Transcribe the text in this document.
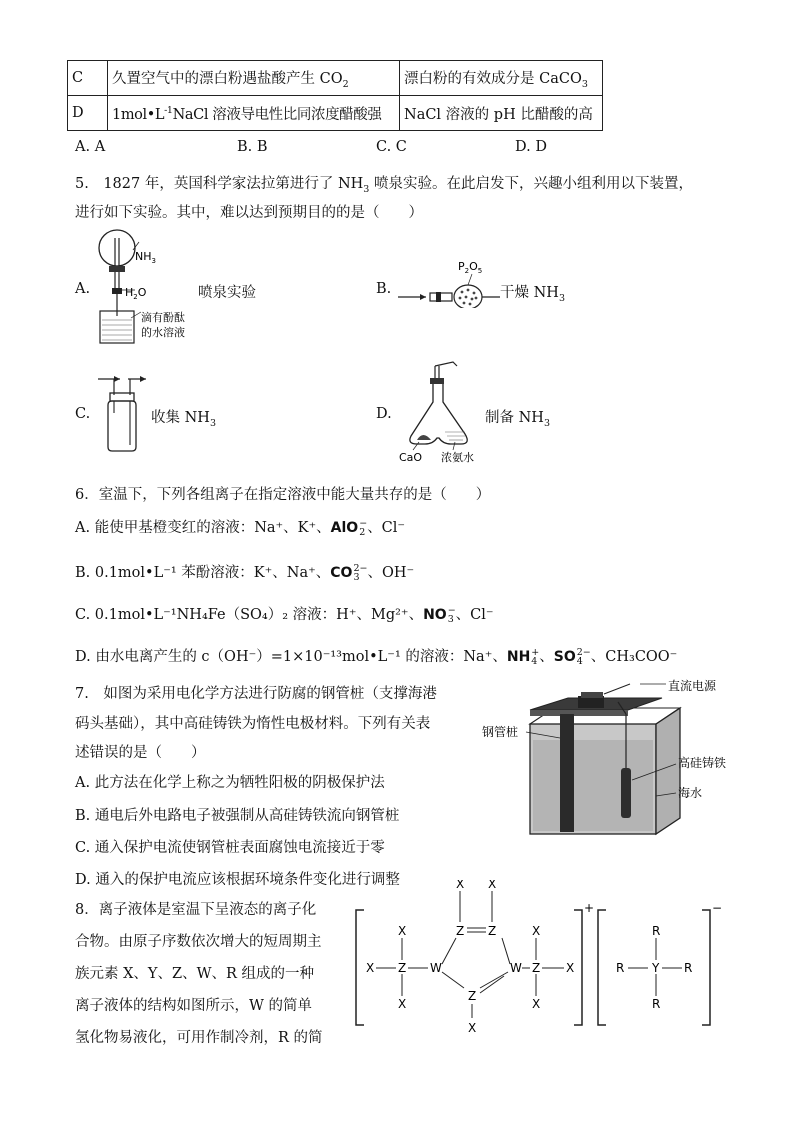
C	久置空气中的漂白粉遇盐酸产生 $CO_2$	漂白粉的有效成分是 CaCO$_3$
D	$1mol•L^{-1}NaCl$ 溶液导电性比同浓度醋酸强	NaCl 溶液的 pH 比醋酸的高
A. A	B. B	C. C	D. D
5.　1827 年，英国科学家法拉第进行了 $NH_3$ 喷泉实验。在此启发下，兴趣小组利用以下装置，
进行如下实验。其中，难以达到预期目的的是（　　）
A.
$NH_3$
$H_2O$
滴有酚酞
的水溶液
喷泉实验	B.
$P_2O_5$
干燥 $NH_3$
C.	收集 $NH_3$
D.
CaO 浓氨水
制备 $NH_3$
6．室温下，下列各组离子在指定溶液中能大量共存的是（　　）
A. 能使甲基橙变红的溶液：Na⁺、K⁺、AlO−
2 、Cl⁻
B. 0.1mol•L⁻¹ 苯酚溶液：K⁺、Na⁺、CO2−
3 、OH⁻
C. 0.1mol•L⁻¹NH₄Fe（SO₄）₂ 溶液：H⁺、Mg²⁺、NO−
3 、Cl⁻
D. 由水电离产生的 c（OH⁻）=1×10⁻¹³mol•L⁻¹ 的溶液：Na⁺、NH+
4 、SO2−
4 、CH₃COO⁻
7.　如图为采用电化学方法进行防腐的钢管桩（支撑海港
码头基础），其中高硅铸铁为惰性电极材料。下列有关表
述错误的是（　　）
A. 此方法在化学上称之为牺牲阳极的阴极保护法
B. 通电后外电路电子被强制从高硅铸铁流向钢管桩
C. 通入保护电流使钢管桩表面腐蚀电流接近于零
D. 通入的保护电流应该根据环境条件变化进行调整
直流电源
钢管桩
高硅铸铁
海水
8．离子液体是室温下呈液态的离子化
合物。由原子序数依次增大的短周期主
族元素 X、Y、Z、W、R 组成的一种
离子液体的结构如图所示，W 的简单
氢化物易液化，可用作制冷剂，R 的简
+	−
X
X Z
X
W
X X
Z Z
Z
X
W
X
Z X
X
R
R Y R
R
